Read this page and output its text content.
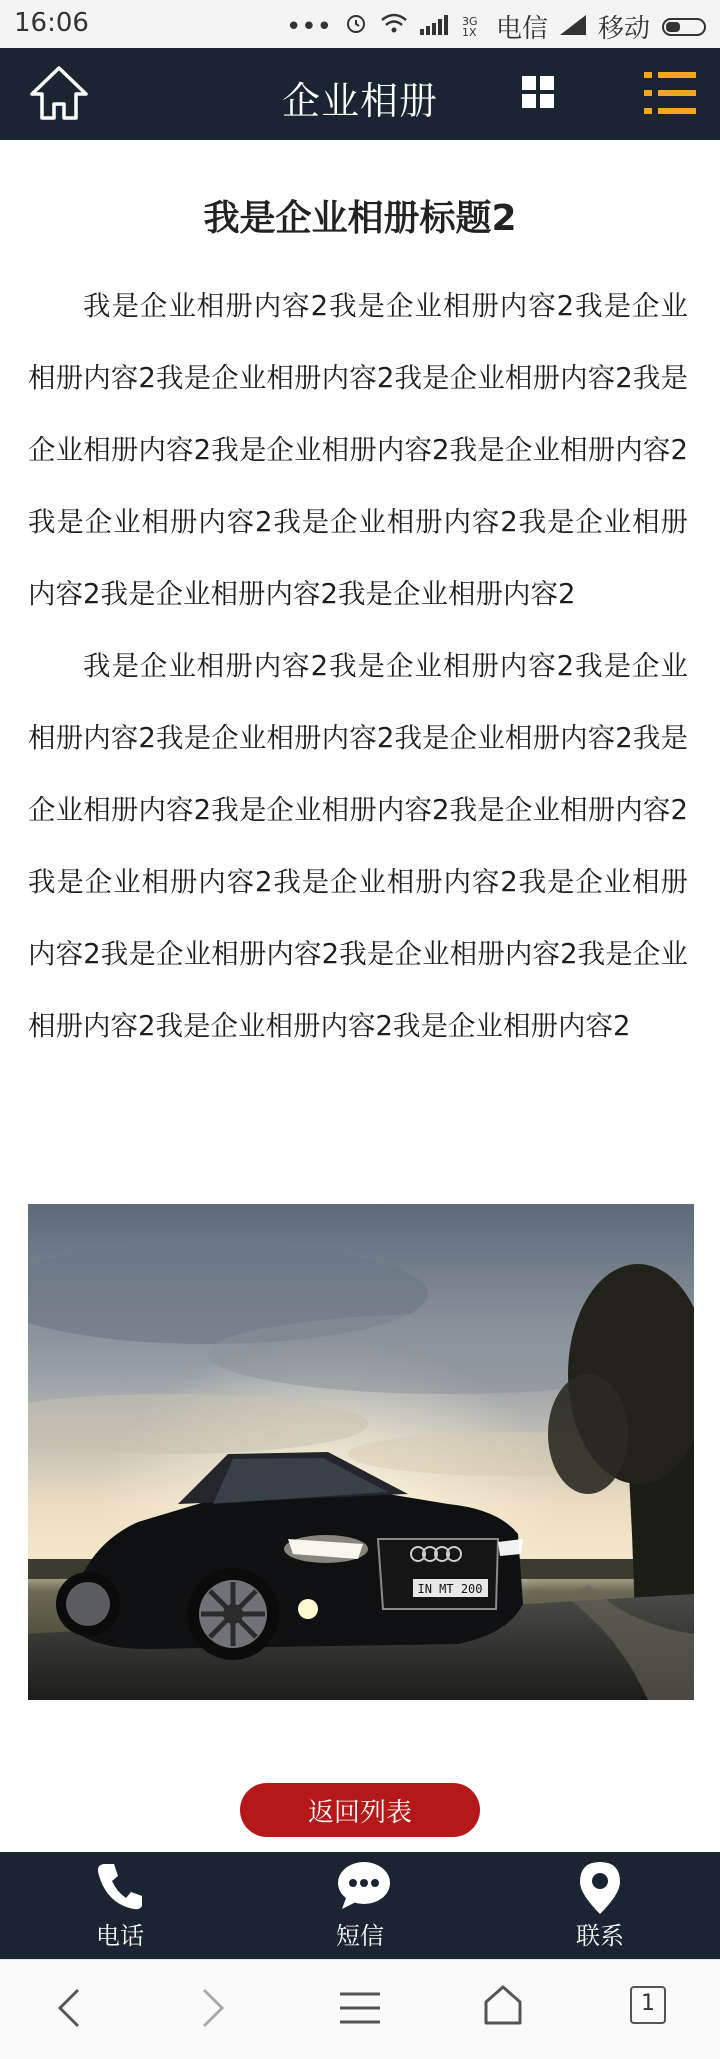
16:06	•••	3G 1X 电信 移动
企业相册
我是企业相册标题2

我是企业相册内容2我是企业相册内容2我是企业相册内容2我是企业相册内容2我是企业相册内容2我是企业相册内容2我是企业相册内容2我是企业相册内容2我是企业相册内容2我是企业相册内容2我是企业相册内容2我是企业相册内容2我是企业相册内容2

我是企业相册内容2我是企业相册内容2我是企业相册内容2我是企业相册内容2我是企业相册内容2我是企业相册内容2我是企业相册内容2我是企业相册内容2我是企业相册内容2我是企业相册内容2我是企业相册内容2我是企业相册内容2我是企业相册内容2我是企业相册内容2我是企业相册内容2我是企业相册内容2

IN MT 200
返回列表
电话	短信	联系
1
